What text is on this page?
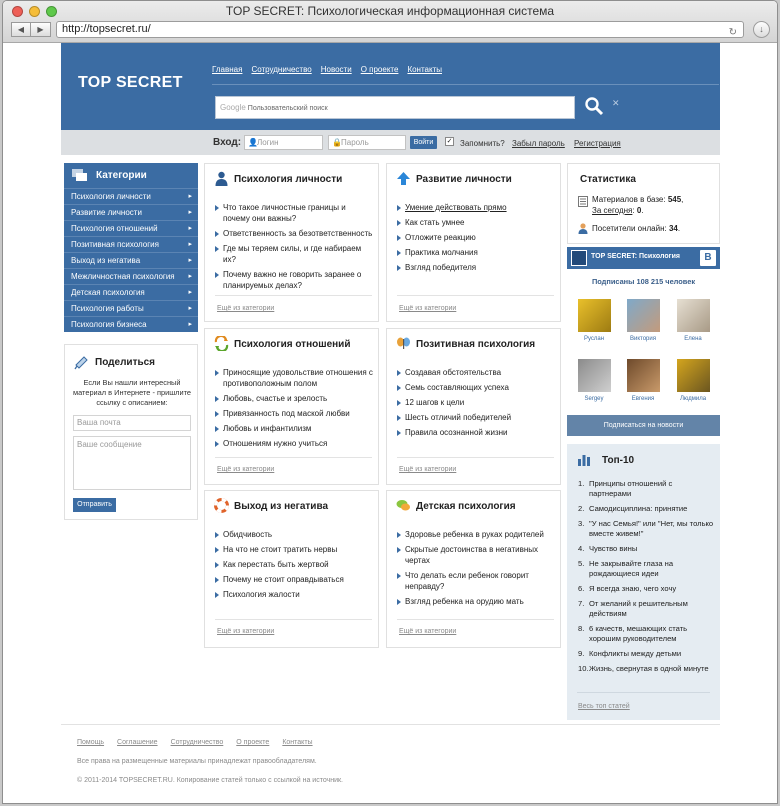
TOP SECRET: Психологическая информационная система
◀	▶	http://topsecret.ru/	↻	↓
TOP SECRET
Главная Сотрудничество Новости О проекте Контакты
Google Пользовательский поиск
✕
Вход: 👤 Логин	🔒 Пароль	Войти	✓ Запомнить? Забыл пароль Регистрация
Категории
Психология личности ▸
Развитие личности ▸
Психология отношений ▸
Позитивная психология ▸
Выход из негатива ▸
Межличностная психология ▸
Детская психология ▸
Психология работы ▸
Психология бизнеса ▸
Поделиться
Если Вы нашли интересный материал в Интернете - пришлите ссылку с описанием:
Ваша почта
Ваше сообщение
Отправить
Психология личности
Что такое личностные границы и почему они важны?
Ответственность за безответственность
Где мы теряем силы, и где набираем их?
Почему важно не говорить заранее о планируемых делах?
Ещё из категории
Развитие личности
Умение действовать прямо
Как стать умнее
Отложите реакцию
Практика молчания
Взгляд победителя
Ещё из категории
Психология отношений
Приносящие удовольствие отношения с противоположным полом
Любовь, счастье и зрелость
Привязанность под маской любви
Любовь и инфантилизм
Отношениям нужно учиться
Ещё из категории
Позитивная психология
Создавая обстоятельства
Семь составляющих успеха
12 шагов к цели
Шесть отличий победителей
Правила осознанной жизни
Ещё из категории
Выход из негатива
Обидчивость
На что не стоит тратить нервы
Как перестать быть жертвой
Почему не стоит оправдываться
Психология жалости
Ещё из категории
Детская психология
Здоровье ребенка в руках родителей
Скрытые достоинства в негативных чертах
Что делать если ребенок говорит неправду?
Взгляд ребенка на орудию мать
Ещё из категории
Статистика
Материалов в базе: 545,
За сегодня: 0.
Посетители онлайн: 34.
TOP SECRET: Психология	B
Подписаны 108 215 человек
Руслан	Виктория	Елена
Sergey	Евгения	Людмила
Подписаться на новости
Топ-10
1. Принципы отношений с партнерами
2. Самодисциплина: принятие
3. "У нас Семья!" или "Нет, мы только вместе живем!"
4. Чувство вины
5. Не закрывайте глаза на рождающиеся идеи
6. Я всегда знаю, чего хочу
7. От желаний к решительным действиям
8. 6 качеств, мешающих стать хорошим руководителем
9. Конфликты между детьми
10. Жизнь, свернутая в одной минуте
Весь топ статей
Помощь Соглашение Сотрудничество О проекте Контакты
Все права на размещенные материалы принадлежат правообладателям.
© 2011-2014 TOPSECRET.RU. Копирование статей только с ссылкой на источник.
